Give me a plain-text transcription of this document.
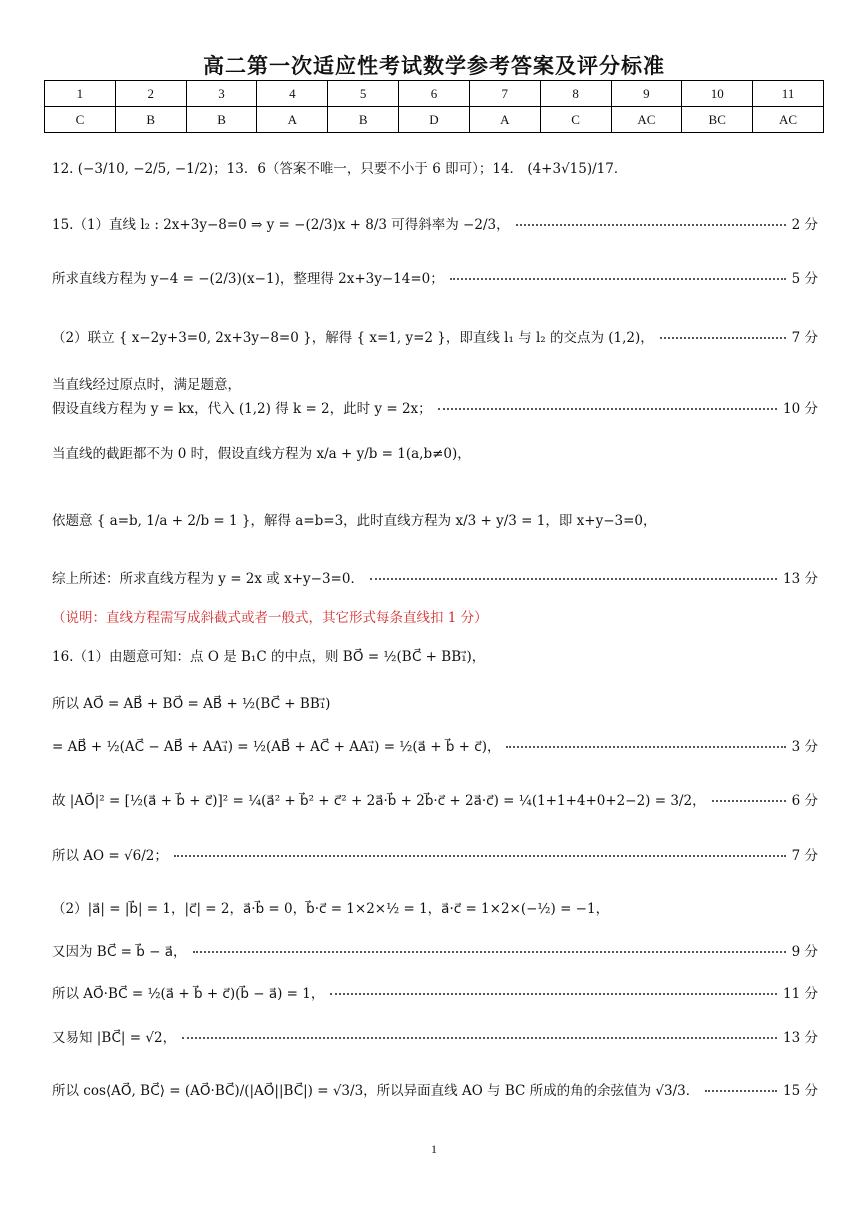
高二第一次适应性考试数学参考答案及评分标准
1	2	3	4	5	6	7	8	9	10	11
C	B	B	A	B	D	A	C	AC	BC	AC
12. (−3/10, −2/5, −1/2)；13．6（答案不唯一，只要不小于 6 即可）；14． (4+3√15)/17．
15.（1）直线 l₂ : 2x+3y−8=0 ⇒ y = −(2/3)x + 8/3 可得斜率为 −2/3，	2 分
所求直线方程为 y−4 = −(2/3)(x−1)，整理得 2x+3y−14=0；	5 分
（2）联立 { x−2y+3=0, 2x+3y−8=0 }，解得 { x=1, y=2 }，即直线 l₁ 与 l₂ 的交点为 (1,2)，	7 分
当直线经过原点时，满足题意，
假设直线方程为 y = kx，代入 (1,2) 得 k = 2，此时 y = 2x；	10 分
当直线的截距都不为 0 时，假设直线方程为 x/a + y/b = 1(a,b≠0)，
依题意 { a=b, 1/a + 2/b = 1 }，解得 a=b=3，此时直线方程为 x/3 + y/3 = 1，即 x+y−3=0，
综上所述：所求直线方程为 y = 2x 或 x+y−3=0．	13 分
（说明：直线方程需写成斜截式或者一般式，其它形式每条直线扣 1 分）
16.（1）由题意可知：点 O 是 B₁C 的中点，则 BO⃗ = ½(BC⃗ + BB₁⃗)，
所以 AO⃗ = AB⃗ + BO⃗ = AB⃗ + ½(BC⃗ + BB₁⃗)
= AB⃗ + ½(AC⃗ − AB⃗ + AA₁⃗) = ½(AB⃗ + AC⃗ + AA₁⃗) = ½(a⃗ + b⃗ + c⃗)，	3 分
故 |AO⃗|² = [½(a⃗ + b⃗ + c⃗)]² = ¼(a⃗² + b⃗² + c⃗² + 2a⃗·b⃗ + 2b⃗·c⃗ + 2a⃗·c⃗) = ¼(1+1+4+0+2−2) = 3/2，	6 分
所以 AO = √6/2；	7 分
（2）|a⃗| = |b⃗| = 1，|c⃗| = 2，a⃗·b⃗ = 0，b⃗·c⃗ = 1×2×½ = 1，a⃗·c⃗ = 1×2×(−½) = −1，
又因为 BC⃗ = b⃗ − a⃗，	9 分
所以 AO⃗·BC⃗ = ½(a⃗ + b⃗ + c⃗)(b⃗ − a⃗) = 1，	11 分
又易知 |BC⃗| = √2，	13 分
所以 cos⟨AO⃗, BC⃗⟩ = (AO⃗·BC⃗)/(|AO⃗||BC⃗|) = √3/3，所以异面直线 AO 与 BC 所成的角的余弦值为 √3/3．	15 分
1
